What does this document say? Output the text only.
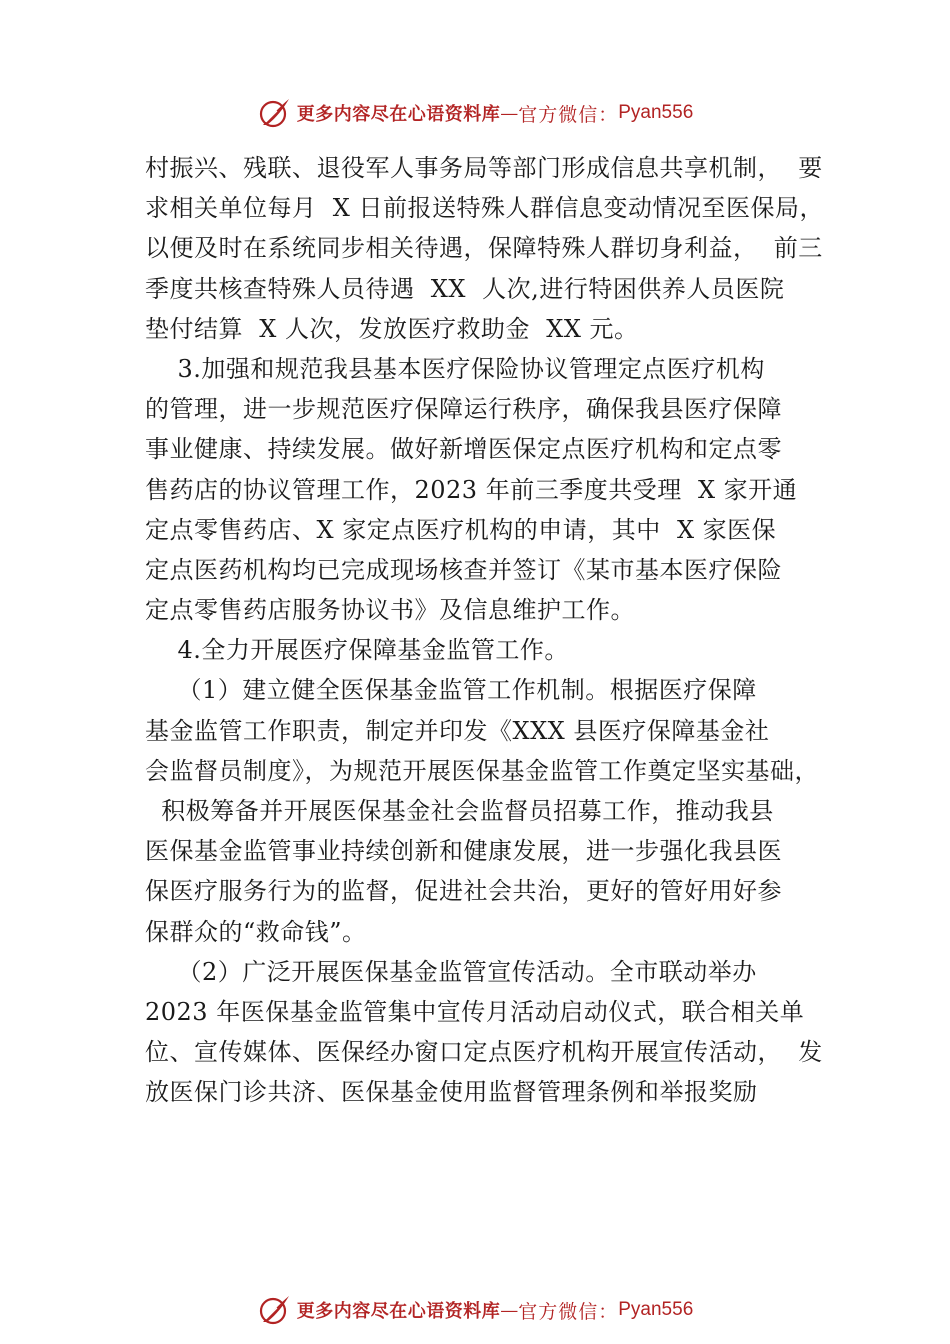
更多内容尽在心语资料库 — 官方微信： Pyan556
村振兴、残联、退役军人事务局等部门形成信息共享机制，  要
求相关单位每月  X 日前报送特殊人群信息变动情况至医保局，
以便及时在系统同步相关待遇，保障特殊人群切身利益，  前三
季度共核查特殊人员待遇  XX  人次,进行特困供养人员医院
垫付结算  X 人次，发放医疗救助金  XX 元。
3.加强和规范我县基本医疗保险协议管理定点医疗机构
的管理，进一步规范医疗保障运行秩序，确保我县医疗保障
事业健康、持续发展。做好新增医保定点医疗机构和定点零
售药店的协议管理工作，2023 年前三季度共受理  X 家开通
定点零售药店、X 家定点医疗机构的申请，其中  X 家医保
定点医药机构均已完成现场核查并签订《某市基本医疗保险
定点零售药店服务协议书》及信息维护工作。
4.全力开展医疗保障基金监管工作。
（1）建立健全医保基金监管工作机制。根据医疗保障
基金监管工作职责，制定并印发《XXX 县医疗保障基金社
会监督员制度》，为规范开展医保基金监管工作奠定坚实基础，
积极筹备并开展医保基金社会监督员招募工作，推动我县
医保基金监管事业持续创新和健康发展，进一步强化我县医
保医疗服务行为的监督，促进社会共治，更好的管好用好参
保群众的“救命钱”。
（2）广泛开展医保基金监管宣传活动。全市联动举办
2023 年医保基金监管集中宣传月活动启动仪式，联合相关单
位、宣传媒体、医保经办窗口定点医疗机构开展宣传活动，  发
放医保门诊共济、医保基金使用监督管理条例和举报奖励
更多内容尽在心语资料库 — 官方微信： Pyan556
